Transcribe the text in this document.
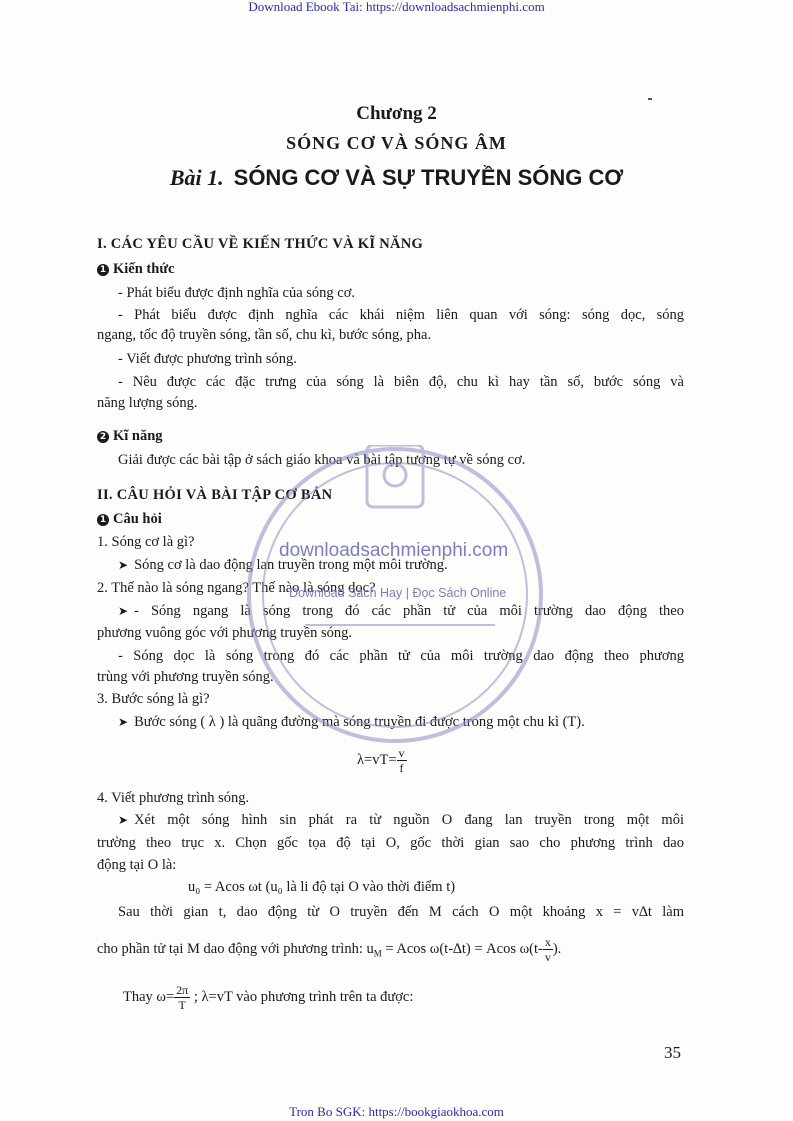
Download Ebook Tai: https://downloadsachmienphi.com
Chương 2
SÓNG CƠ VÀ SÓNG ÂM
Bài 1. SÓNG CƠ VÀ SỰ TRUYỀN SÓNG CƠ
I. CÁC YÊU CẦU VỀ KIẾN THỨC VÀ KĨ NĂNG
1 Kiến thức
- Phát biểu được định nghĩa của sóng cơ.
- Phát biểu được định nghĩa các khái niệm liên quan với sóng: sóng dọc, sóng
ngang, tốc độ truyền sóng, tần số, chu kì, bước sóng, pha.
- Viết được phương trình sóng.
- Nêu được các đặc trưng của sóng là biên độ, chu kì hay tần số, bước sóng và
năng lượng sóng.
2 Kĩ năng
Giải được các bài tập ở sách giáo khoa và bài tập tương tự về sóng cơ.
II. CÂU HỎI VÀ BÀI TẬP CƠ BẢN
1 Câu hỏi
1. Sóng cơ là gì?
➤ Sóng cơ là dao động lan truyền trong một môi trường.
2. Thế nào là sóng ngang? Thế nào là sóng dọc?
➤ - Sóng ngang là sóng trong đó các phần tử của môi trường dao động theo
phương vuông góc với phương truyền sóng.
- Sóng dọc là sóng trong đó các phần tử của môi trường dao động theo phương
trùng với phương truyền sóng.
3. Bước sóng là gì?
➤ Bước sóng ( λ ) là quãng đường mà sóng truyền đi được trong một chu kì (T).
$\lambda=vT= \frac{v}{f}$
4. Viết phương trình sóng.
➤ Xét một sóng hình sin phát ra từ nguồn O đang lan truyền trong một môi
trường theo trục x. Chọn gốc tọa độ tại O, gốc thời gian sao cho phương trình dao
động tại O là:
u₀ = Acos ωt (u₀ là li độ tại O vào thời điểm t)
Sau thời gian t, dao động từ O truyền đến M cách O một khoảng x = v∆t làm
cho phần tử tại M dao động với phương trình: $u_M = Acos$ ω(t-∆t) = Acos $\omega(t- \frac{x}{v}$ ).
Thay $\omega= \frac{2\pi}{T}$ ; λ=vT vào phương trình trên ta được:
downloadsachmienphi.com
Download Sách Hay | Đọc Sách Online
35
Tron Bo SGK: https://bookgiaokhoa.com
